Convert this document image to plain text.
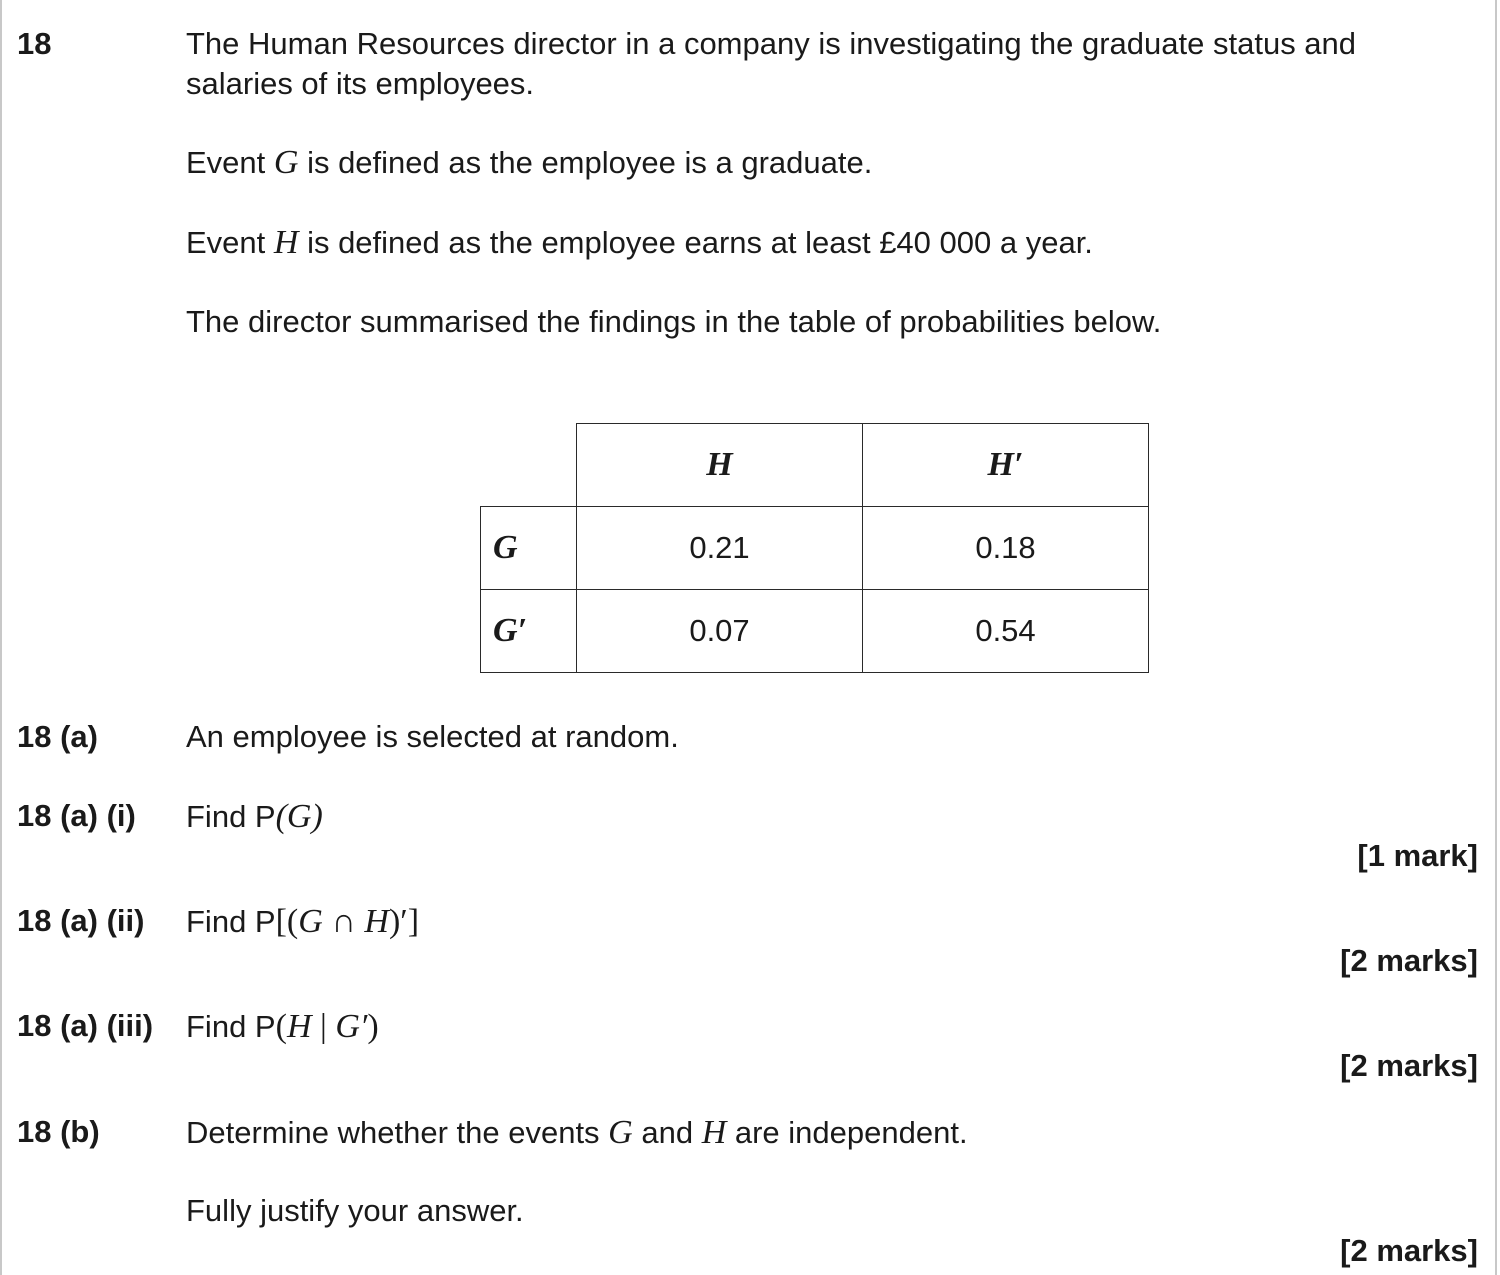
18	The Human Resources director in a company is investigating the graduate status and
salaries of its employees.
Event G is defined as the employee is a graduate.
Event H is defined as the employee earns at least £40 000 a year.
The director summarised the findings in the table of probabilities below.
	H	H′
G	0.21	0.18
G′	0.07	0.54
18 (a)	An employee is selected at random.
18 (a) (i) Find P(G)
[1 mark]
18 (a) (ii) Find P[(G ∩ H)′]
[2 marks]
18 (a) (iii) Find P(H | G′)
[2 marks]
18 (b)	Determine whether the events G and H are independent.
Fully justify your answer.
[2 marks]
